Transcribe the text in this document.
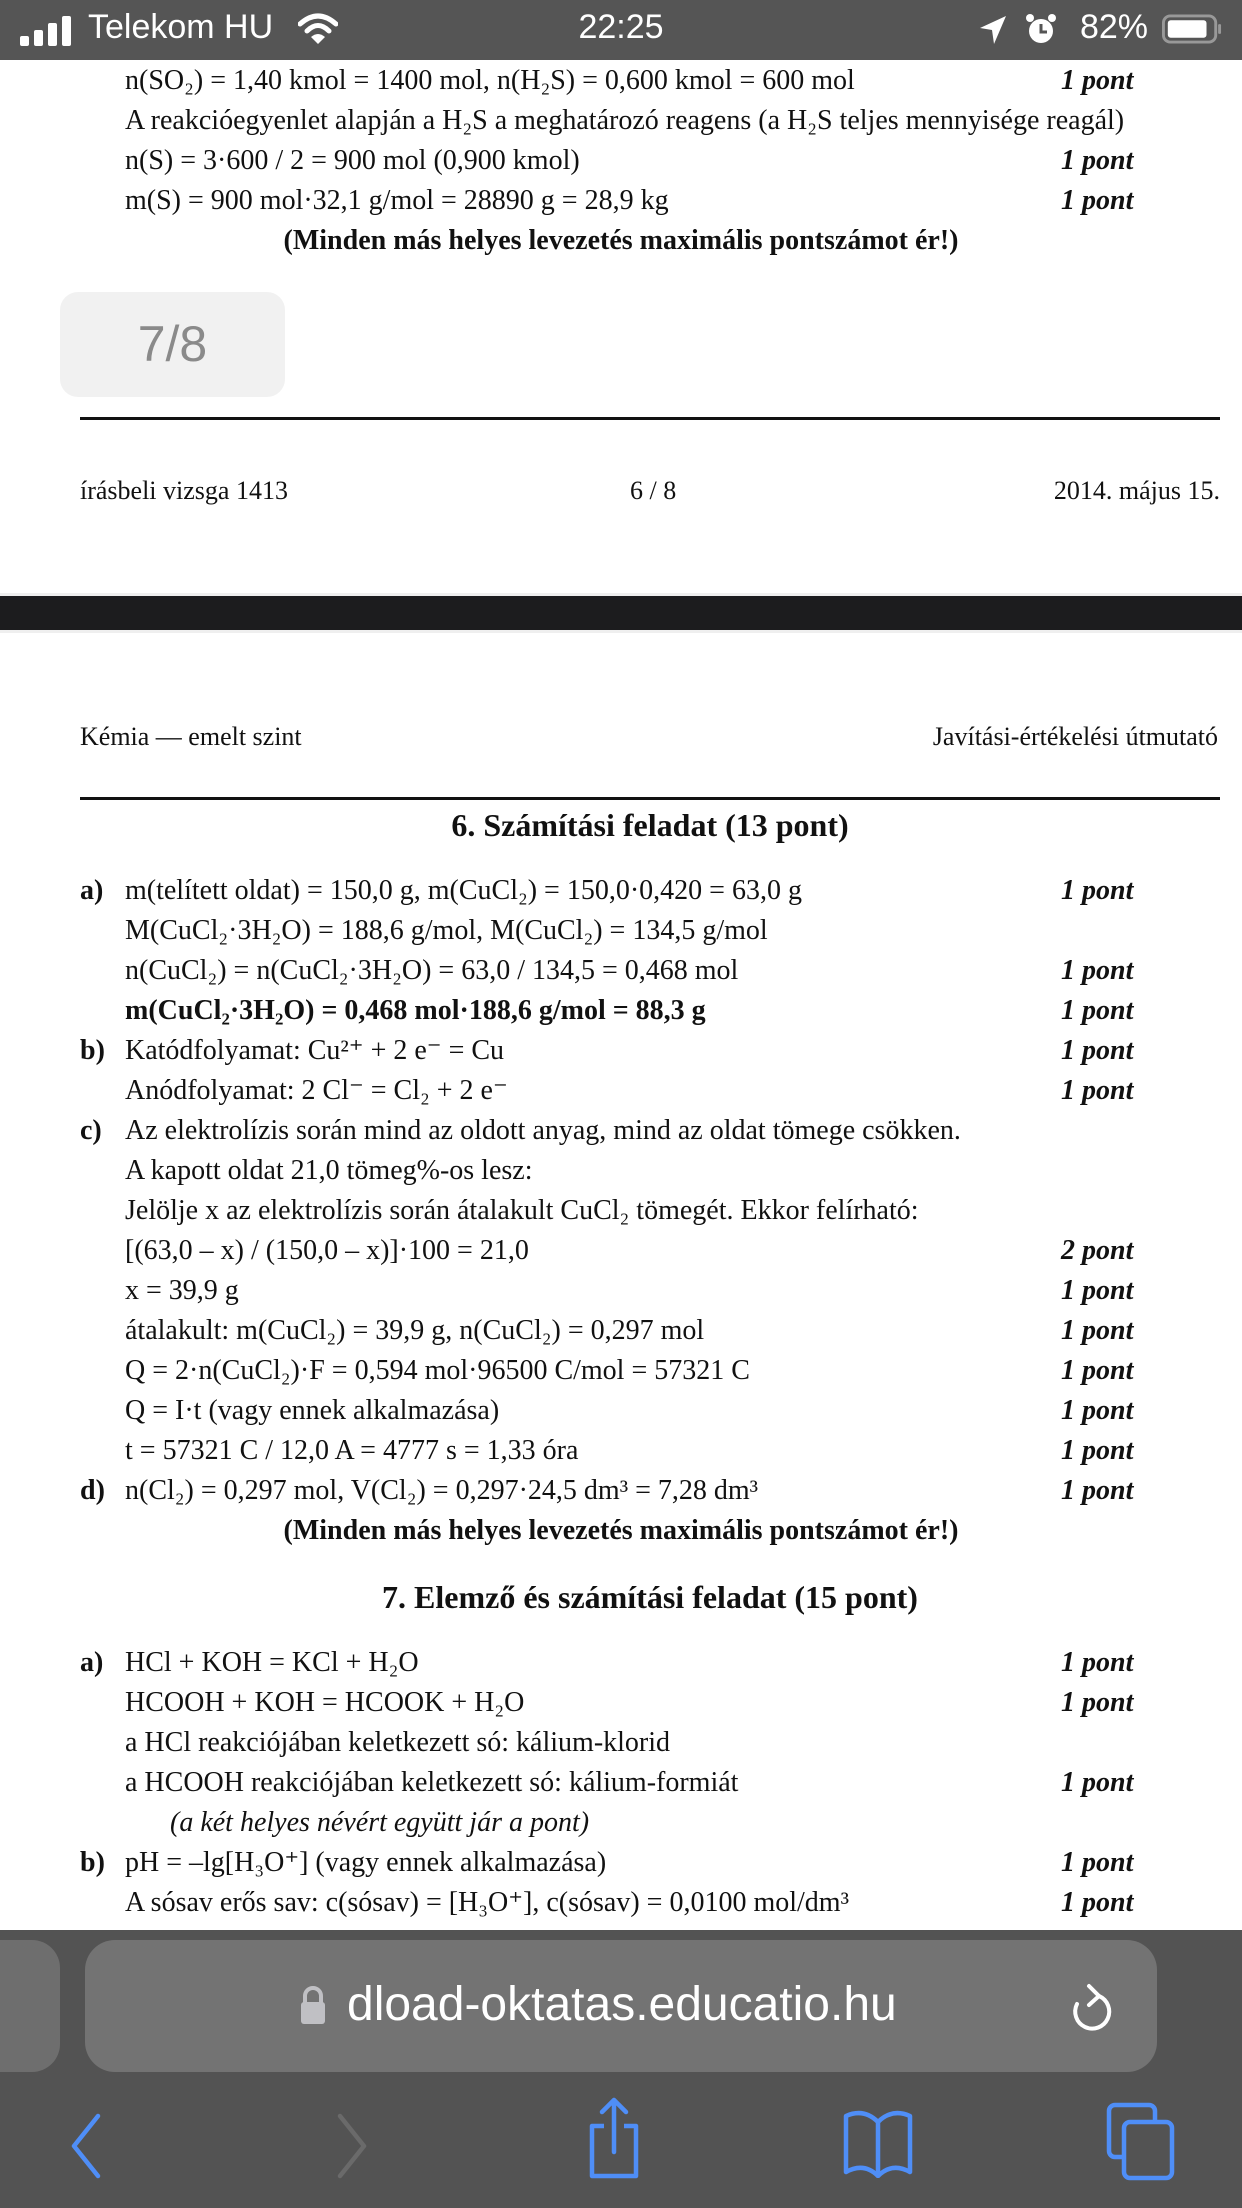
Telekom HU	22:25	82%
n(SO₂) = 1,40 kmol = 1400 mol, n(H₂S) = 0,600 kmol = 600 mol	1 pont
A reakcióegyenlet alapján a H₂S a meghatározó reagens (a H₂S teljes mennyisége reagál)
n(S) = 3·600 / 2 = 900 mol (0,900 kmol)	1 pont
m(S) = 900 mol·32,1 g/mol = 28890 g = 28,9 kg	1 pont
(Minden más helyes levezetés maximális pontszámot ér!)
írásbeli vizsga 1413	6 / 8	2014. május 15.
7/8
Kémia — emelt szint	Javítási-értékelési útmutató
6. Számítási feladat (13 pont)
a) m(telített oldat) = 150,0 g, m(CuCl₂) = 150,0·0,420 = 63,0 g	1 pont
M(CuCl₂·3H₂O) = 188,6 g/mol, M(CuCl₂) = 134,5 g/mol
n(CuCl₂) = n(CuCl₂·3H₂O) = 63,0 / 134,5 = 0,468 mol	1 pont
m(CuCl₂·3H₂O) = 0,468 mol·188,6 g/mol = 88,3 g	1 pont
b) Katódfolyamat: Cu²⁺ + 2 e⁻ = Cu	1 pont
Anódfolyamat: 2 Cl⁻ = Cl₂ + 2 e⁻	1 pont
c) Az elektrolízis során mind az oldott anyag, mind az oldat tömege csökken.
A kapott oldat 21,0 tömeg%-os lesz:
Jelölje x az elektrolízis során átalakult CuCl₂ tömegét. Ekkor felírható:
[(63,0 – x) / (150,0 – x)]·100 = 21,0	2 pont
x = 39,9 g	1 pont
átalakult: m(CuCl₂) = 39,9 g, n(CuCl₂) = 0,297 mol	1 pont
Q = 2·n(CuCl₂)·F = 0,594 mol·96500 C/mol = 57321 C	1 pont
Q = I·t (vagy ennek alkalmazása)	1 pont
t = 57321 C / 12,0 A = 4777 s = 1,33 óra	1 pont
d) n(Cl₂) = 0,297 mol, V(Cl₂) = 0,297·24,5 dm³ = 7,28 dm³	1 pont
(Minden más helyes levezetés maximális pontszámot ér!)
7. Elemző és számítási feladat (15 pont)
a) HCl + KOH = KCl + H₂O	1 pont
HCOOH + KOH = HCOOK + H₂O	1 pont
a HCl reakciójában keletkezett só: kálium-klorid
a HCOOH reakciójában keletkezett só: kálium-formiát	1 pont
(a két helyes névért együtt jár a pont)
b) pH = –lg[H₃O⁺] (vagy ennek alkalmazása)	1 pont
A sósav erős sav: c(sósav) = [H₃O⁺], c(sósav) = 0,0100 mol/dm³	1 pont
dload-oktatas.educatio.hu
